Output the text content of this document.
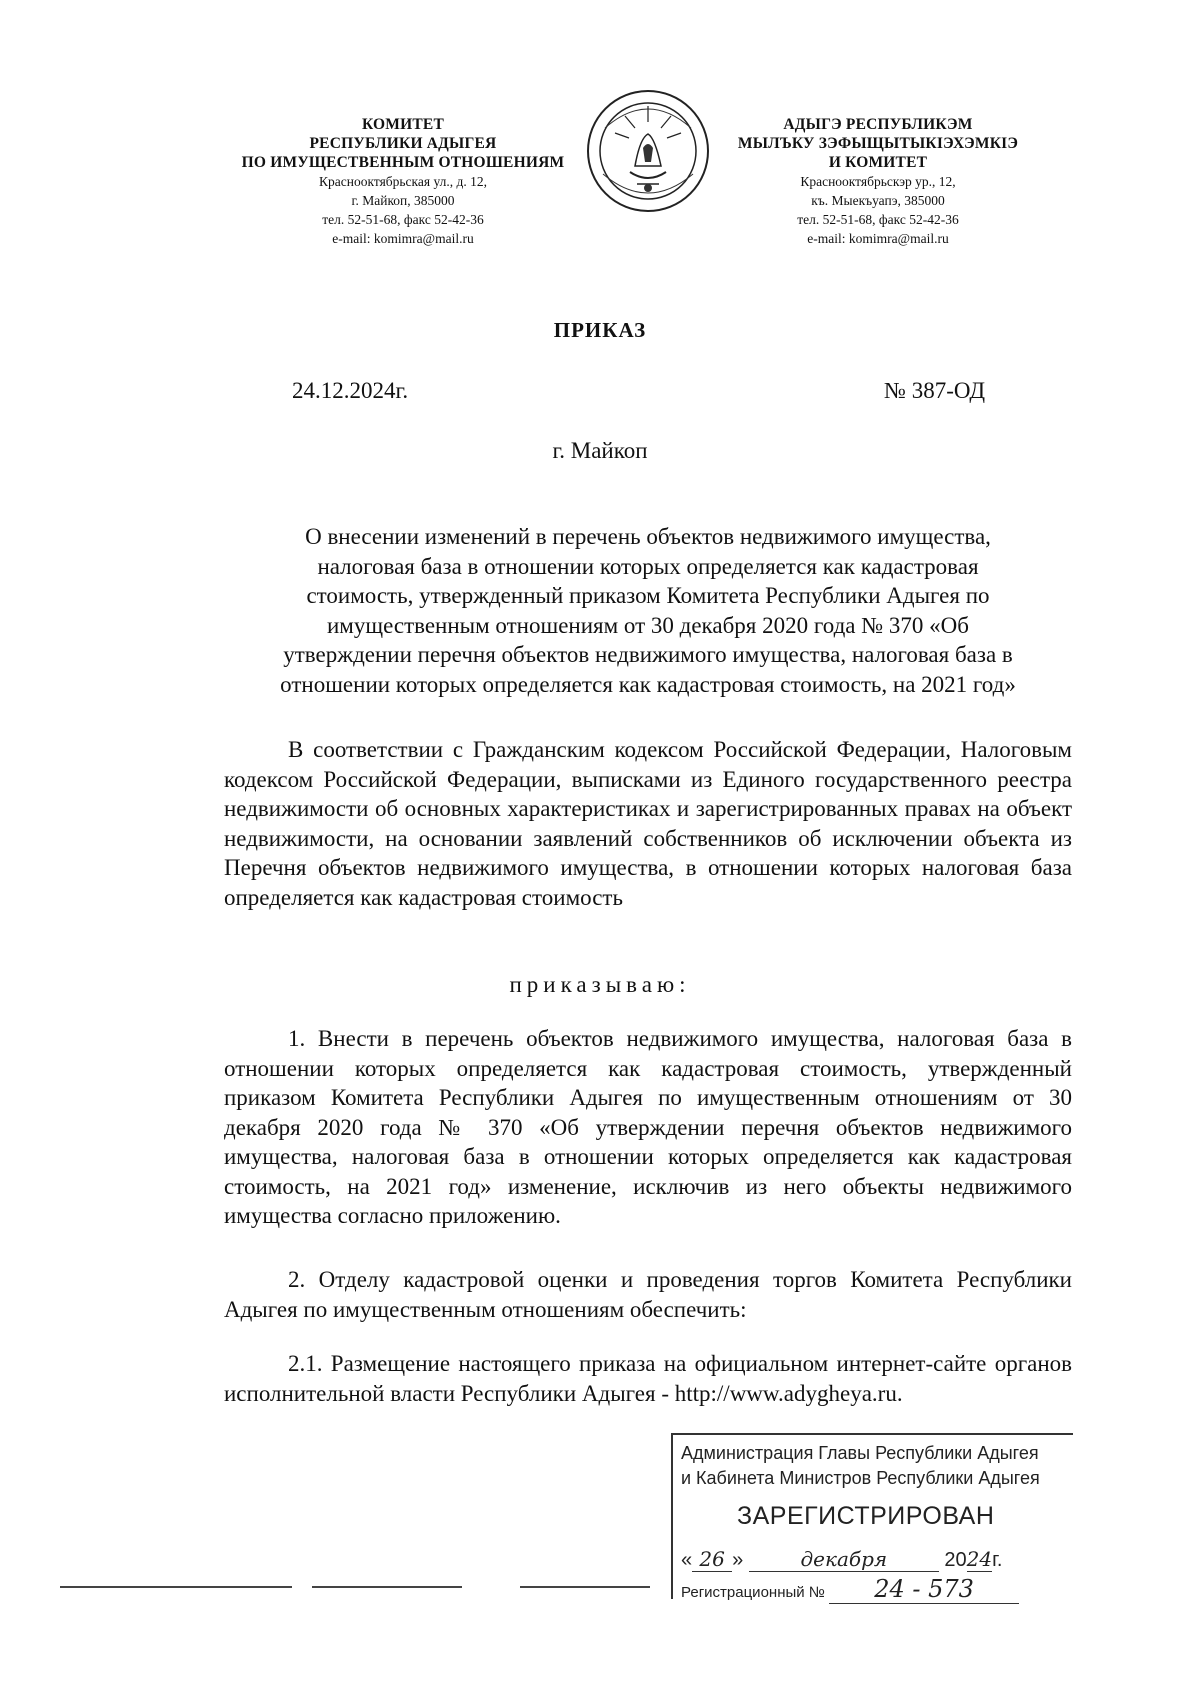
КОМИТЕТ
РЕСПУБЛИКИ АДЫГЕЯ
ПО ИМУЩЕСТВЕННЫМ ОТНОШЕНИЯМ
Краснооктябрьская ул., д. 12,
г. Майкоп, 385000
тел. 52-51-68, факс 52-42-36
e-mail: komimra@mail.ru
АДЫГЭ РЕСПУБЛИКЭМ
МЫЛЪКУ ЗЭФЫЩЫТЫКIЭХЭМКIЭ
И КОМИТЕТ
Краснооктябрьскэр ур., 12,
къ. Мыекъуапэ, 385000
тел. 52-51-68, факс 52-42-36
e-mail: komimra@mail.ru
ПРИКАЗ
24.12.2024г.	№ 387-ОД
г. Майкоп
О внесении изменений в перечень объектов недвижимого имущества,
налоговая база в отношении которых определяется как кадастровая
стоимость, утвержденный приказом Комитета Республики Адыгея по
имущественным отношениям от 30 декабря 2020 года № 370 «Об
утверждении перечня объектов недвижимого имущества, налоговая база в
отношении которых определяется как кадастровая стоимость, на 2021 год»
В соответствии с Гражданским кодексом Российской Федерации, Налоговым кодексом Российской Федерации, выписками из Единого государственного реестра недвижимости об основных характеристиках и зарегистрированных правах на объект недвижимости, на основании заявлений собственников об исключении объекта из Перечня объектов недвижимого имущества, в отношении которых налоговая база определяется как кадастровая стоимость
приказываю:
1. Внести в перечень объектов недвижимого имущества, налоговая база в отношении которых определяется как кадастровая стоимость, утвержденный приказом Комитета Республики Адыгея по имущественным отношениям от 30 декабря 2020 года № 370 «Об утверждении перечня объектов недвижимого имущества, налоговая база в отношении которых определяется как кадастровая стоимость, на 2021 год» изменение, исключив из него объекты недвижимого имущества согласно приложению.
2. Отделу кадастровой оценки и проведения торгов Комитета Республики Адыгея по имущественным отношениям обеспечить:
2.1. Размещение настоящего приказа на официальном интернет-сайте органов исполнительной власти Республики Адыгея - http://www.adygheya.ru.
Администрация Главы Республики Адыгея
и Кабинета Министров Республики Адыгея
ЗАРЕГИСТРИРОВАН
« 26 »	декабря	2024г.
Регистрационный № 24 - 573
